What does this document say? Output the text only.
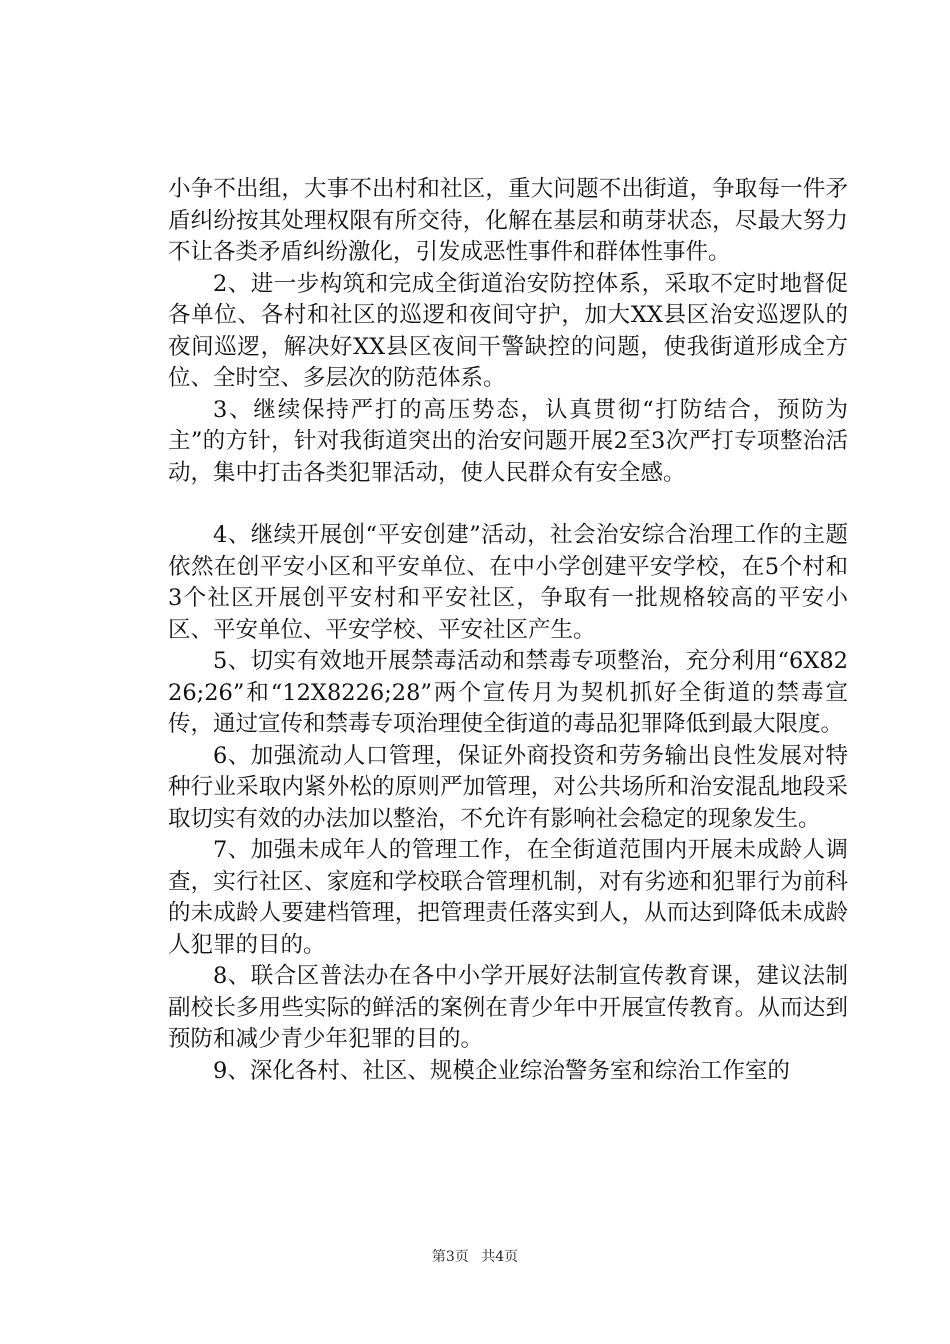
小争不出组，大事不出村和社区，重大问题不出街道，争取每一件矛盾纠纷按其处理权限有所交待，化解在基层和萌芽状态，尽最大努力不让各类矛盾纠纷激化，引发成恶性事件和群体性事件。

2、进一步构筑和完成全街道治安防控体系，采取不定时地督促各单位、各村和社区的巡逻和夜间守护，加大XX县区治安巡逻队的夜间巡逻，解决好XX县区夜间干警缺控的问题，使我街道形成全方位、全时空、多层次的防范体系。

3、继续保持严打的高压势态，认真贯彻“打防结合，预防为主”的方针，针对我街道突出的治安问题开展2至3次严打专项整治活动，集中打击各类犯罪活动，使人民群众有安全感。

4、继续开展创“平安创建”活动，社会治安综合治理工作的主题依然在创平安小区和平安单位、在中小学创建平安学校，在5个村和3个社区开展创平安村和平安社区，争取有一批规格较高的平安小区、平安单位、平安学校、平安社区产生。

5、切实有效地开展禁毒活动和禁毒专项整治，充分利用“6X8226;26”和“12X8226;28”两个宣传月为契机抓好全街道的禁毒宣传，通过宣传和禁毒专项治理使全街道的毒品犯罪降低到最大限度。

6、加强流动人口管理，保证外商投资和劳务输出良性发展对特种行业采取内紧外松的原则严加管理，对公共场所和治安混乱地段采取切实有效的办法加以整治，不允许有影响社会稳定的现象发生。

7、加强未成年人的管理工作，在全街道范围内开展未成龄人调查，实行社区、家庭和学校联合管理机制，对有劣迹和犯罪行为前科的未成龄人要建档管理，把管理责任落实到人，从而达到降低未成龄人犯罪的目的。

8、联合区普法办在各中小学开展好法制宣传教育课，建议法制副校长多用些实际的鲜活的案例在青少年中开展宣传教育。从而达到预防和减少青少年犯罪的目的。

9、深化各村、社区、规模企业综治警务室和综治工作室的

第3页 共4页
